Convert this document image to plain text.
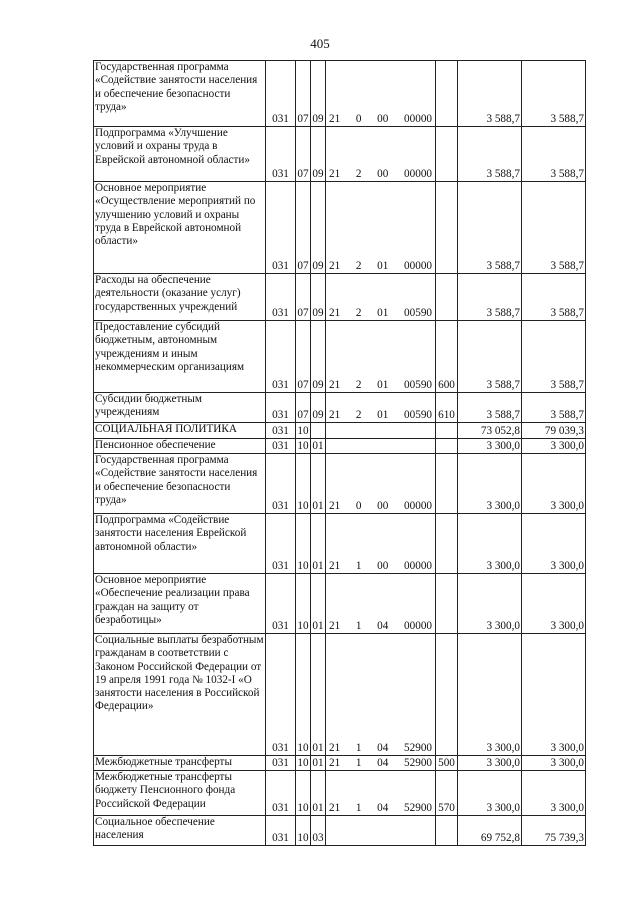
405
Государственная программа «Содействие занятости населения и обеспечение безопасности труда»	031	07	09	21 0 00 00000		3 588,7	3 588,7
Подпрограмма «Улучшение условий и охраны труда в Еврейской автономной области»	031	07	09	21 2 00 00000		3 588,7	3 588,7
Основное мероприятие «Осуществление мероприятий по улучшению условий и охраны труда в Еврейской автономной области»	031	07	09	21 2 01 00000		3 588,7	3 588,7
Расходы на обеспечение деятельности (оказание услуг) государственных учреждений	031	07	09	21 2 01 00590		3 588,7	3 588,7
Предоставление субсидий бюджетным, автономным учреждениям и иным некоммерческим организациям	031	07	09	21 2 01 00590	600	3 588,7	3 588,7
Субсидии бюджетным учреждениям	031	07	09	21 2 01 00590	610	3 588,7	3 588,7
СОЦИАЛЬНАЯ ПОЛИТИКА	031	10				73 052,8	79 039,3
Пенсионное обеспечение	031	10	01			3 300,0	3 300,0
Государственная программа «Содействие занятости населения и обеспечение безопасности труда»	031	10	01	21 0 00 00000		3 300,0	3 300,0
Подпрограмма «Содействие занятости населения Еврейской автономной области»	031	10	01	21 1 00 00000		3 300,0	3 300,0
Основное мероприятие «Обеспечение реализации права граждан на защиту от безработицы»	031	10	01	21 1 04 00000		3 300,0	3 300,0
Социальные выплаты безработным гражданам в соответствии с Законом Российской Федерации от 19 апреля 1991 года № 1032-I «О занятости населения в Российской Федерации»	031	10	01	21 1 04 52900		3 300,0	3 300,0
Межбюджетные трансферты	031	10	01	21 1 04 52900	500	3 300,0	3 300,0
Межбюджетные трансферты бюджету Пенсионного фонда Российской Федерации	031	10	01	21 1 04 52900	570	3 300,0	3 300,0
Социальное обеспечение населения	031	10	03			69 752,8	75 739,3
